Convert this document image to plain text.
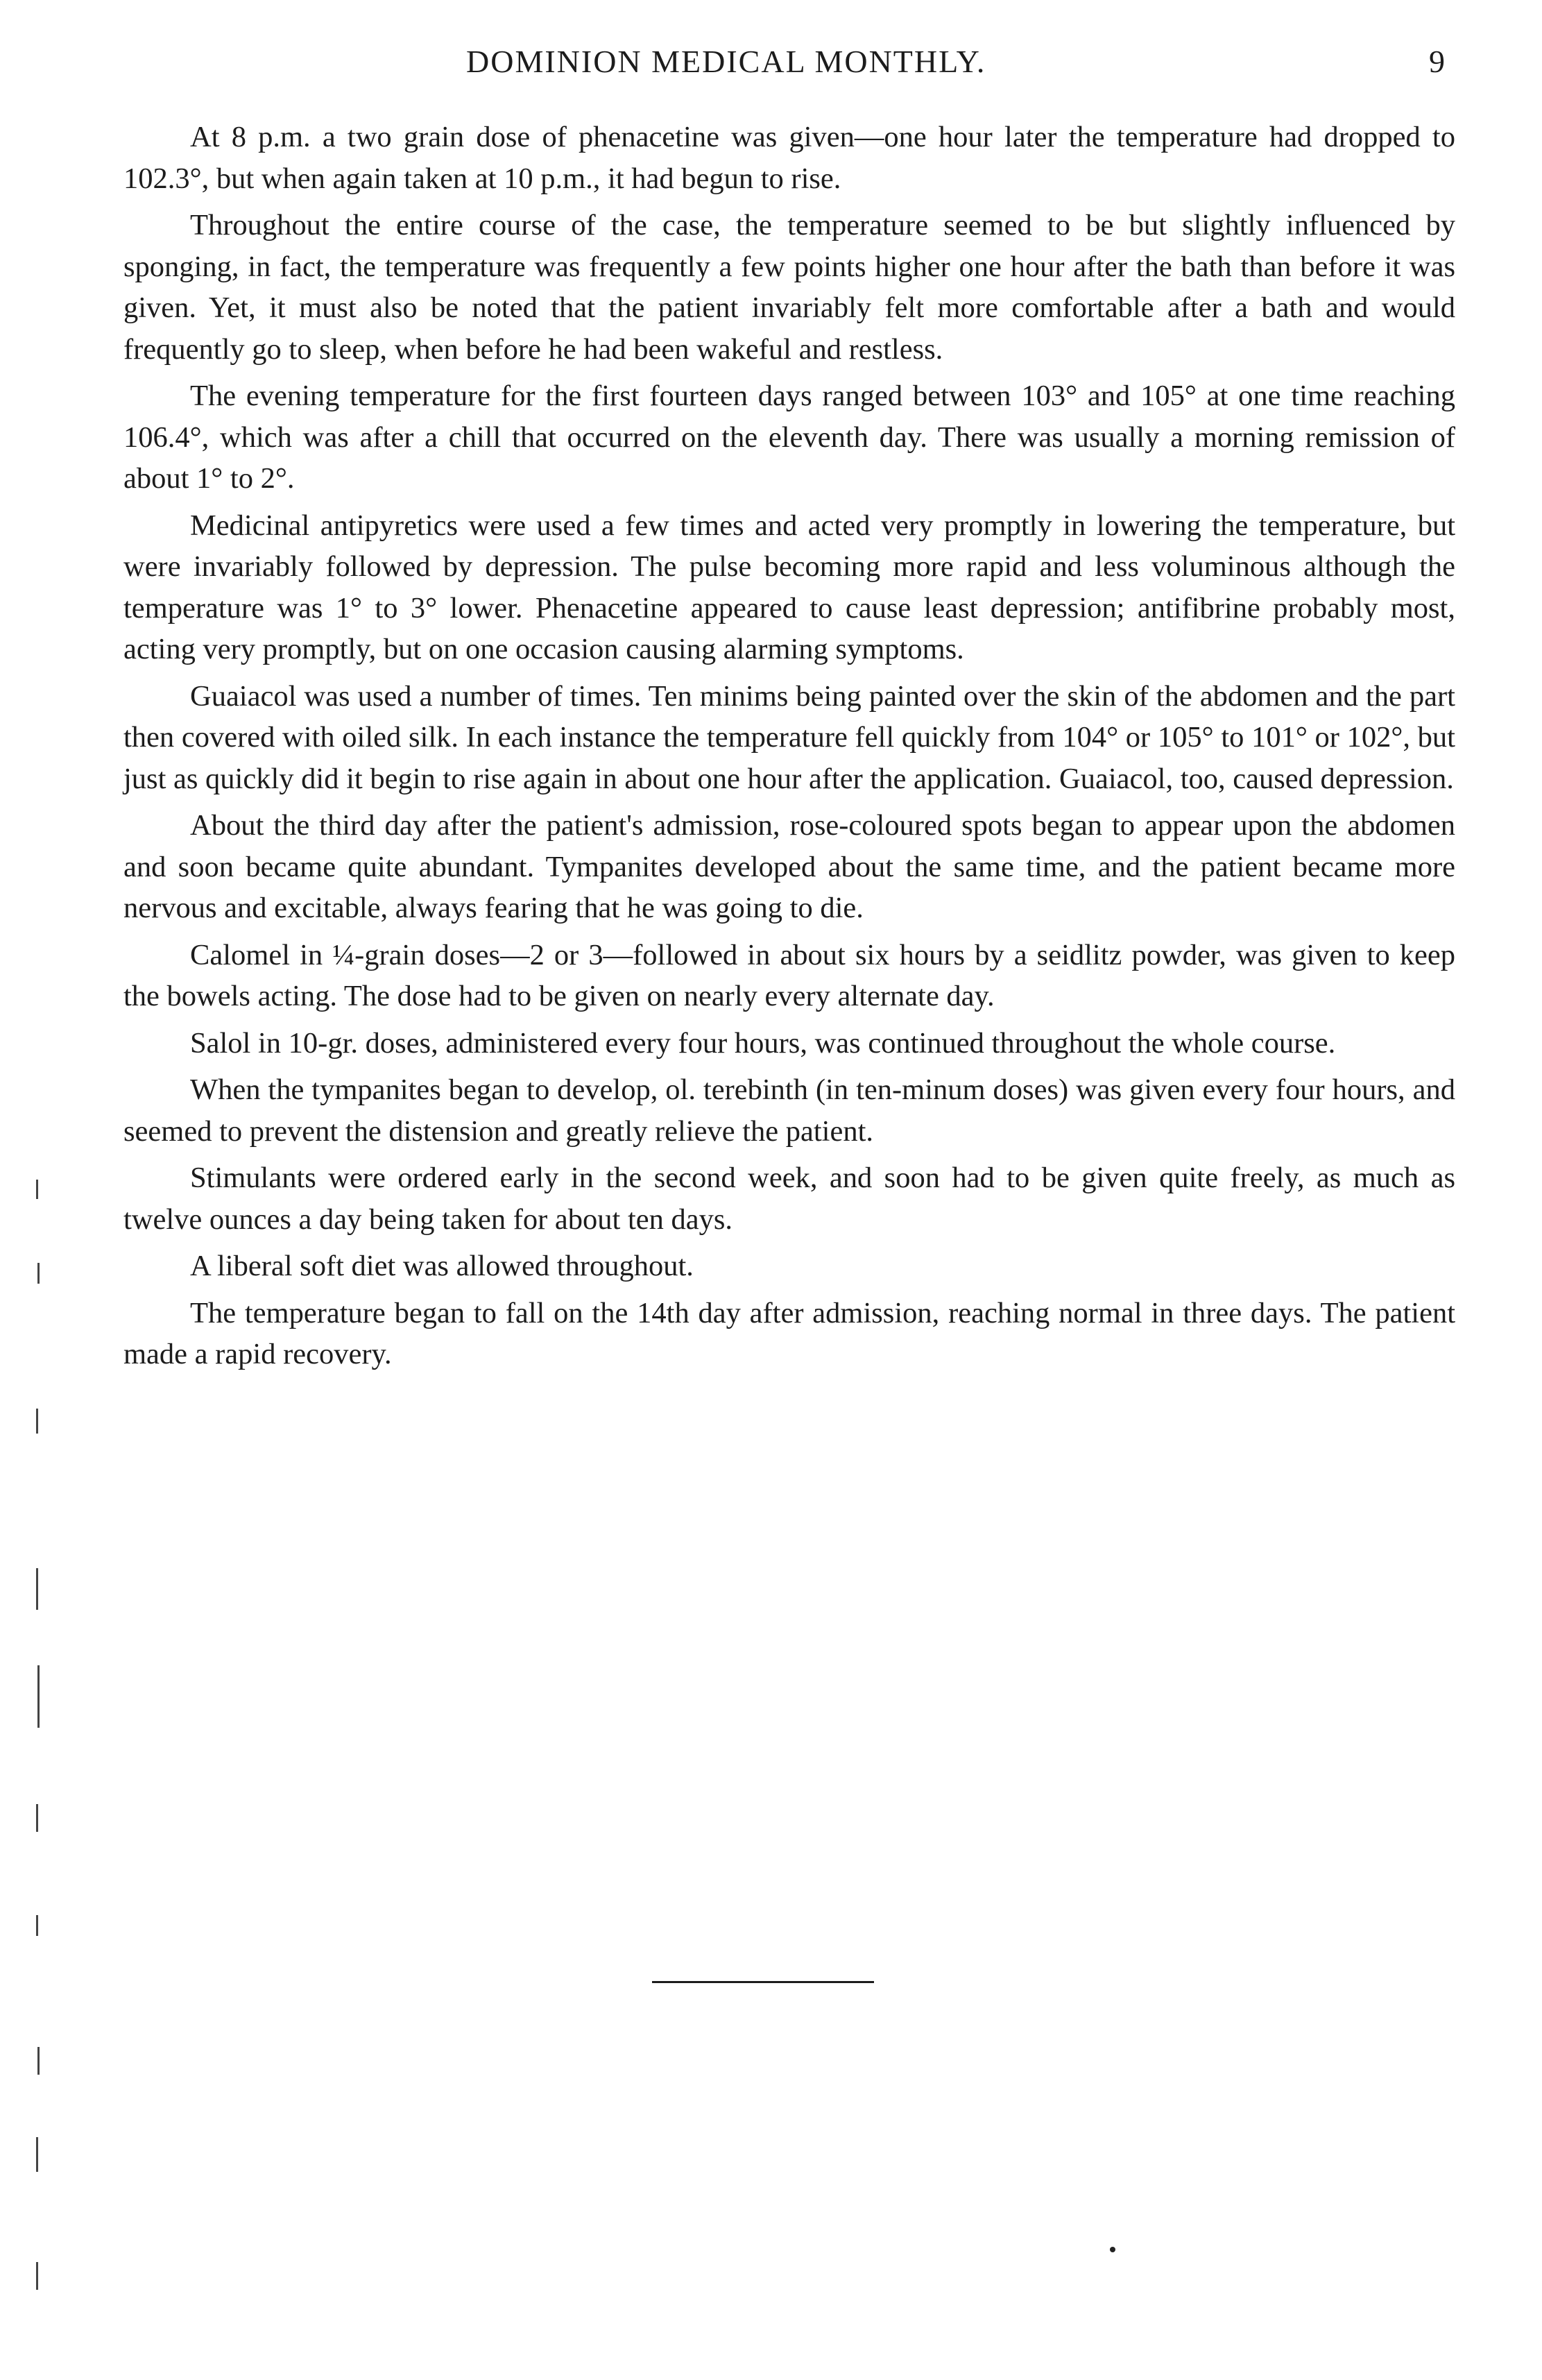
DOMINION MEDICAL MONTHLY.	9

At 8 p.m. a two grain dose of phenacetine was given—one hour later the temperature had dropped to 102.3°, but when again taken at 10 p.m., it had begun to rise.

Throughout the entire course of the case, the temperature seemed to be but slightly influenced by sponging, in fact, the temperature was frequently a few points higher one hour after the bath than before it was given. Yet, it must also be noted that the patient invariably felt more comfortable after a bath and would frequently go to sleep, when before he had been wakeful and restless.

The evening temperature for the first fourteen days ranged between 103° and 105° at one time reaching 106.4°, which was after a chill that occurred on the eleventh day. There was usually a morning remission of about 1° to 2°.

Medicinal antipyretics were used a few times and acted very promptly in lowering the temperature, but were invariably followed by depression. The pulse becoming more rapid and less voluminous although the temperature was 1° to 3° lower. Phenacetine appeared to cause least depression; antifibrine probably most, acting very promptly, but on one occasion causing alarming symptoms.

Guaiacol was used a number of times. Ten minims being painted over the skin of the abdomen and the part then covered with oiled silk. In each instance the temperature fell quickly from 104° or 105° to 101° or 102°, but just as quickly did it begin to rise again in about one hour after the application. Guaiacol, too, caused depression.

About the third day after the patient's admission, rose-coloured spots began to appear upon the abdomen and soon became quite abundant. Tympanites developed about the same time, and the patient became more nervous and excitable, always fearing that he was going to die.

Calomel in ¼-grain doses—2 or 3—followed in about six hours by a seidlitz powder, was given to keep the bowels acting. The dose had to be given on nearly every alternate day.

Salol in 10-gr. doses, administered every four hours, was continued throughout the whole course.

When the tympanites began to develop, ol. terebinth (in ten-minum doses) was given every four hours, and seemed to prevent the distension and greatly relieve the patient.

Stimulants were ordered early in the second week, and soon had to be given quite freely, as much as twelve ounces a day being taken for about ten days.

A liberal soft diet was allowed throughout.

The temperature began to fall on the 14th day after admission, reaching normal in three days. The patient made a rapid recovery.
